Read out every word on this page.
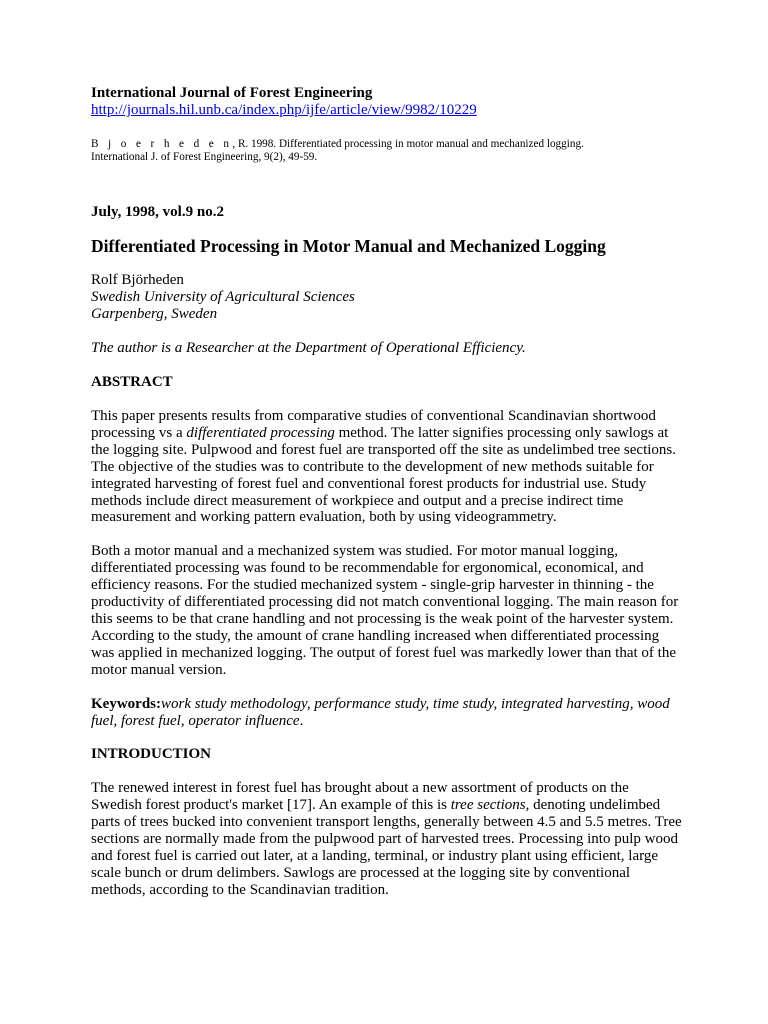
International Journal of Forest Engineering

http://journals.hil.unb.ca/index.php/ijfe/article/view/9982/10229
B j o e r h e d e n, R. 1998. Differentiated processing in motor manual and mechanized logging.
International J. of Forest Engineering, 9(2), 49-59.

July, 1998, vol.9 no.2

Differentiated Processing in Motor Manual and Mechanized Logging
Rolf Björheden
Swedish University of Agricultural Sciences
Garpenberg, Sweden

The author is a Researcher at the Department of Operational Efficiency.

ABSTRACT

This paper presents results from comparative studies of conventional Scandinavian shortwood processing vs a differentiated processing method. The latter signifies processing only sawlogs at the logging site. Pulpwood and forest fuel are transported off the site as undelimbed tree sections. The objective of the studies was to contribute to the development of new methods suitable for integrated harvesting of forest fuel and conventional forest products for industrial use. Study methods include direct measurement of workpiece and output and a precise indirect time measurement and working pattern evaluation, both by using videogrammetry.

Both a motor manual and a mechanized system was studied. For motor manual logging, differentiated processing was found to be recommendable for ergonomical, economical, and efficiency reasons. For the studied mechanized system - single-grip harvester in thinning - the productivity of differentiated processing did not match conventional logging. The main reason for this seems to be that crane handling and not processing is the weak point of the harvester system. According to the study, the amount of crane handling increased when differentiated processing was applied in mechanized logging. The output of forest fuel was markedly lower than that of the motor manual version.

Keywords:work study methodology, performance study, time study, integrated harvesting, wood fuel, forest fuel, operator influence.

INTRODUCTION

The renewed interest in forest fuel has brought about a new assortment of products on the Swedish forest product's market [17]. An example of this is tree sections, denoting undelimbed parts of trees bucked into convenient transport lengths, generally between 4.5 and 5.5 metres. Tree sections are normally made from the pulpwood part of harvested trees. Processing into pulp wood and forest fuel is carried out later, at a landing, terminal, or industry plant using efficient, large scale bunch or drum delimbers. Sawlogs are processed at the logging site by conventional methods, according to the Scandinavian tradition.
